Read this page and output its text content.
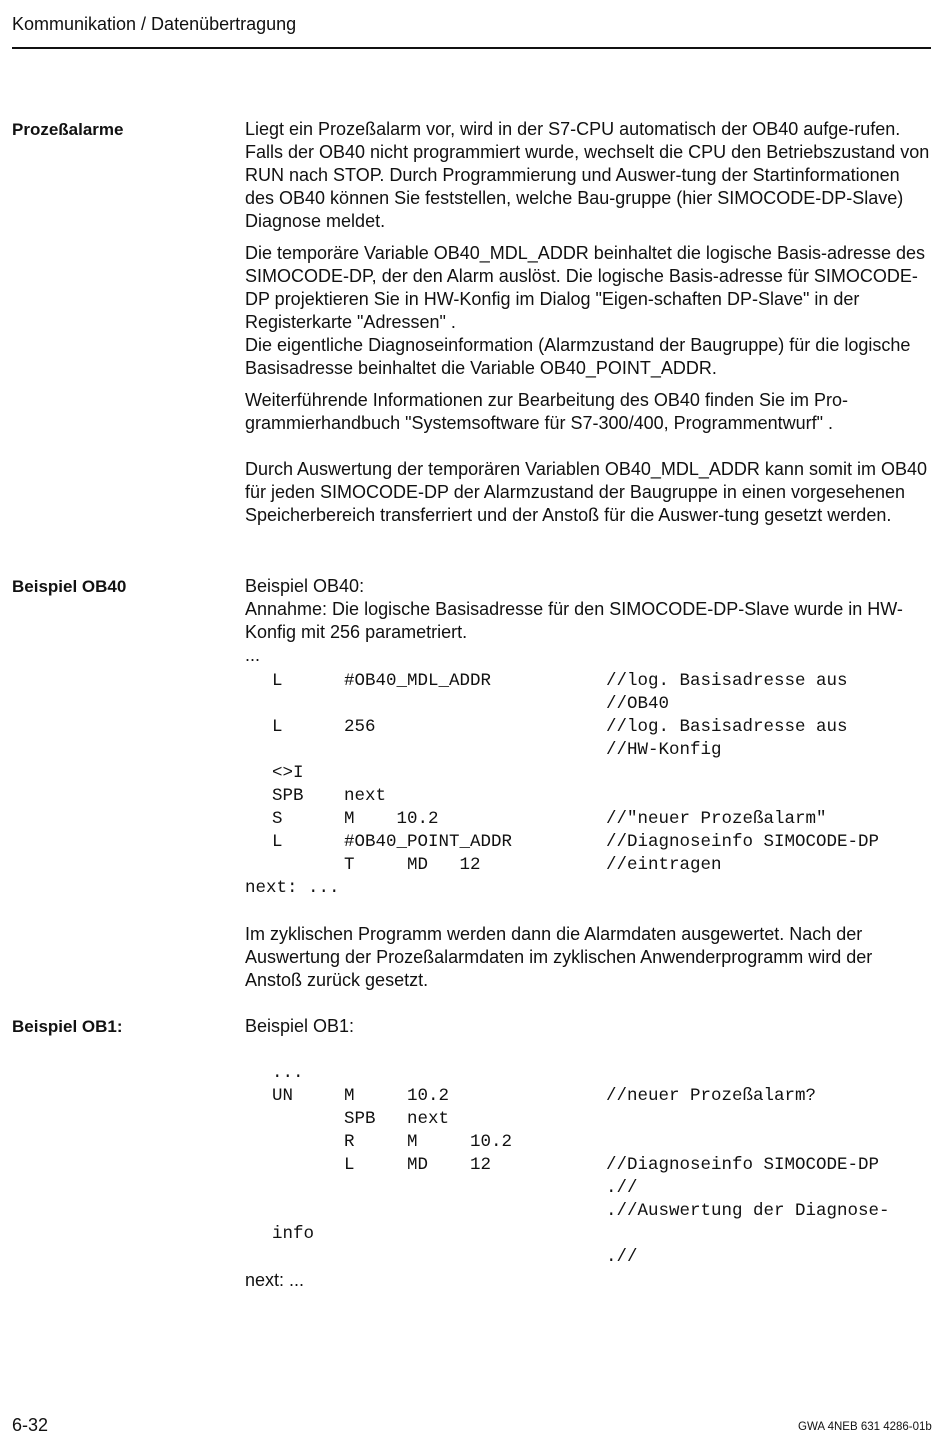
Kommunikation / Datenübertragung
Prozeßalarme	Liegt ein Prozeßalarm vor, wird in der S7-CPU automatisch der OB40 aufge-rufen. Falls der OB40 nicht programmiert wurde, wechselt die CPU den Betriebszustand von RUN nach STOP. Durch Programmierung und Auswer-tung der Startinformationen des OB40 können Sie feststellen, welche Bau-gruppe (hier SIMOCODE-DP-Slave) Diagnose meldet.

Die temporäre Variable OB40_MDL_ADDR beinhaltet die logische Basis-adresse des SIMOCODE-DP, der den Alarm auslöst. Die logische Basis-adresse für SIMOCODE-DP projektieren Sie in HW-Konfig im Dialog "Eigen-schaften DP-Slave" in der Registerkarte "Adressen" .

Die eigentliche Diagnoseinformation (Alarmzustand der Baugruppe) für die logische Basisadresse beinhaltet die Variable OB40_POINT_ADDR.

Weiterführende Informationen zur Bearbeitung des OB40 finden Sie im Pro-grammierhandbuch "Systemsoftware für S7-300/400, Programmentwurf" .

Durch Auswertung der temporären Variablen OB40_MDL_ADDR kann somit im OB40 für jeden SIMOCODE-DP der Alarmzustand der Baugruppe in einen vorgesehenen Speicherbereich transferriert und der Anstoß für die Auswer-tung gesetzt werden.

Beispiel OB40	Beispiel OB40:

Annahme: Die logische Basisadresse für den SIMOCODE-DP-Slave wurde in HW-Konfig mit 256 parametriert.

...

L	#OB40_MDL_ADDR	//log. Basisadresse aus
//OB40
L	256	//log. Basisadresse aus
//HW-Konfig
<>I
SPB next
S	M    10.2	//"neuer Prozeßalarm"
L	#OB40_POINT_ADDR	//Diagnoseinfo SIMOCODE-DP
T     MD   12	//eintragen
next: ...

Im zyklischen Programm werden dann die Alarmdaten ausgewertet. Nach der Auswertung der Prozeßalarmdaten im zyklischen Anwenderprogramm wird der Anstoß zurück gesetzt.

Beispiel OB1:	Beispiel OB1:

...
UN	M     10.2	//neuer Prozeßalarm?
SPB   next
R     M     10.2
L     MD    12	//Diagnoseinfo SIMOCODE-DP
.//
.//Auswertung der Diagnose-
info
.//
next: ...
6-32	GWA 4NEB 631 4286-01b
